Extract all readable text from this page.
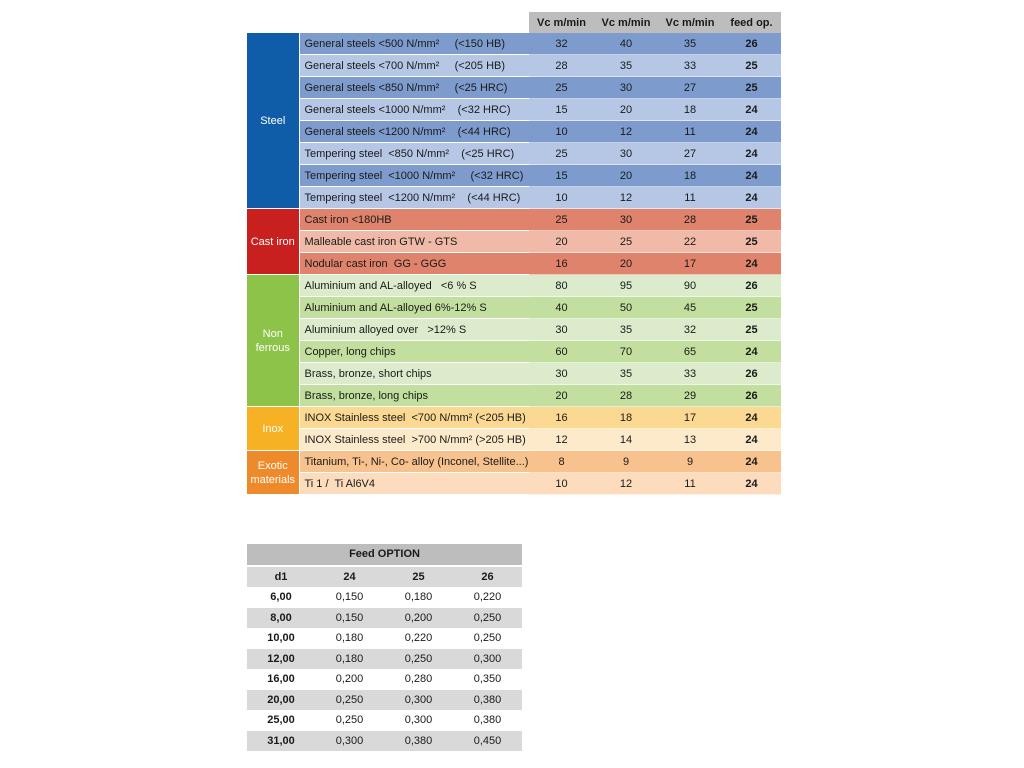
		Vc m/min	Vc m/min	Vc m/min	feed op.

Steel	General steels <500 N/mm²     (<150 HB)	32	40	35	26
	General steels <700 N/mm²     (<205 HB)	28	35	33	25
	General steels <850 N/mm²     (<25 HRC)	25	30	27	25
	General steels <1000 N/mm²    (<32 HRC)	15	20	18	24
	General steels <1200 N/mm²    (<44 HRC)	10	12	11	24
	Tempering steel  <850 N/mm²    (<25 HRC)	25	30	27	24
	Tempering steel  <1000 N/mm²     (<32 HRC)	15	20	18	24
	Tempering steel  <1200 N/mm²    (<44 HRC)	10	12	11	24

Cast iron	Cast iron <180HB	25	30	28	25
	Malleable cast iron GTW - GTS	20	25	22	25
	Nodular cast iron  GG - GGG	16	20	17	24

Non
ferrous	Aluminium and AL-alloyed   <6 % S	80	95	90	26
	Aluminium and AL-alloyed 6%-12% S	40	50	45	25
	Aluminium alloyed over   >12% S	30	35	32	25
	Copper, long chips	60	70	65	24
	Brass, bronze, short chips	30	35	33	26
	Brass, bronze, long chips	20	28	29	26

Inox	INOX Stainless steel  <700 N/mm² (<205 HB)	16	18	17	24
	INOX Stainless steel  >700 N/mm² (>205 HB)	12	14	13	24

Exotic
materials	Titanium, Ti-, Ni-, Co- alloy (Inconel, Stellite...)	8	9	9	24
	Ti 1 /  Ti Al6V4	10	12	11	24
Feed OPTION			
d1	24	25	26
6,00	0,150	0,180	0,220
8,00	0,150	0,200	0,250
10,00	0,180	0,220	0,250
12,00	0,180	0,250	0,300
16,00	0,200	0,280	0,350
20,00	0,250	0,300	0,380
25,00	0,250	0,300	0,380
31,00	0,300	0,380	0,450
